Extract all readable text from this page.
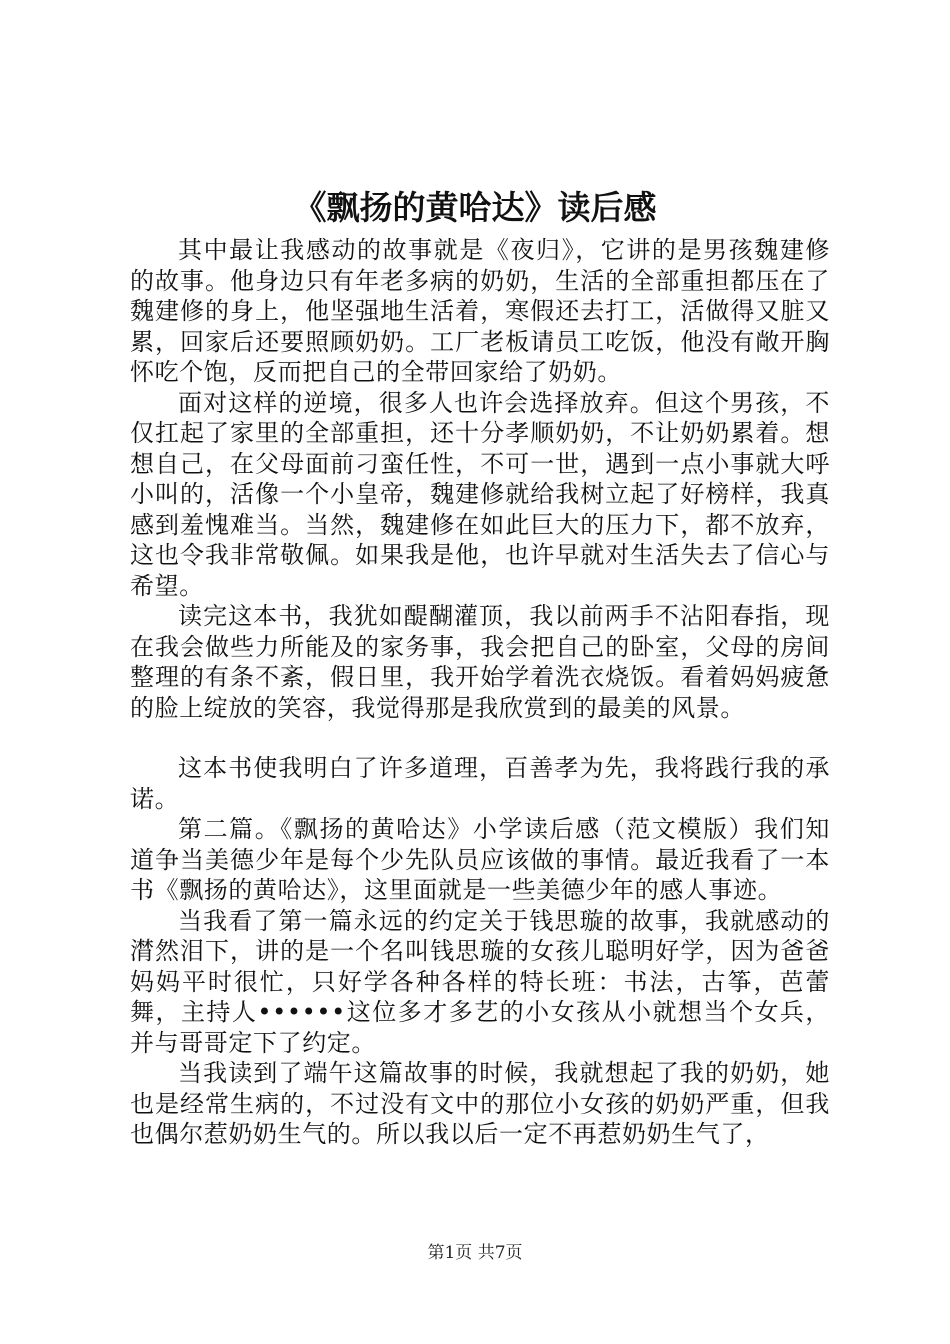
《飘扬的黄哈达》读后感

其中最让我感动的故事就是《夜归》，它讲的是男孩魏建修的故事。他身边只有年老多病的奶奶，生活的全部重担都压在了魏建修的身上，他坚强地生活着，寒假还去打工，活做得又脏又累，回家后还要照顾奶奶。工厂老板请员工吃饭，他没有敞开胸怀吃个饱，反而把自己的全带回家给了奶奶。

面对这样的逆境，很多人也许会选择放弃。但这个男孩，不仅扛起了家里的全部重担，还十分孝顺奶奶，不让奶奶累着。想想自己，在父母面前刁蛮任性，不可一世，遇到一点小事就大呼小叫的，活像一个小皇帝，魏建修就给我树立起了好榜样，我真感到羞愧难当。当然，魏建修在如此巨大的压力下，都不放弃，这也令我非常敬佩。如果我是他，也许早就对生活失去了信心与希望。

读完这本书，我犹如醍醐灌顶，我以前两手不沾阳春指，现在我会做些力所能及的家务事，我会把自己的卧室，父母的房间整理的有条不紊，假日里，我开始学着洗衣烧饭。看着妈妈疲惫的脸上绽放的笑容，我觉得那是我欣赏到的最美的风景。

这本书使我明白了许多道理，百善孝为先，我将践行我的承诺。

第二篇。《飘扬的黄哈达》小学读后感（范文模版）我们知道争当美德少年是每个少先队员应该做的事情。最近我看了一本书《飘扬的黄哈达》，这里面就是一些美德少年的感人事迹。

当我看了第一篇永远的约定关于钱思璇的故事，我就感动的潸然泪下，讲的是一个名叫钱思璇的女孩儿聪明好学，因为爸爸妈妈平时很忙，只好学各种各样的特长班：书法，古筝，芭蕾舞，主持人••••••这位多才多艺的小女孩从小就想当个女兵，并与哥哥定下了约定。

当我读到了端午这篇故事的时候，我就想起了我的奶奶，她也是经常生病的，不过没有文中的那位小女孩的奶奶严重，但我也偶尔惹奶奶生气的。所以我以后一定不再惹奶奶生气了，

第1页 共7页
